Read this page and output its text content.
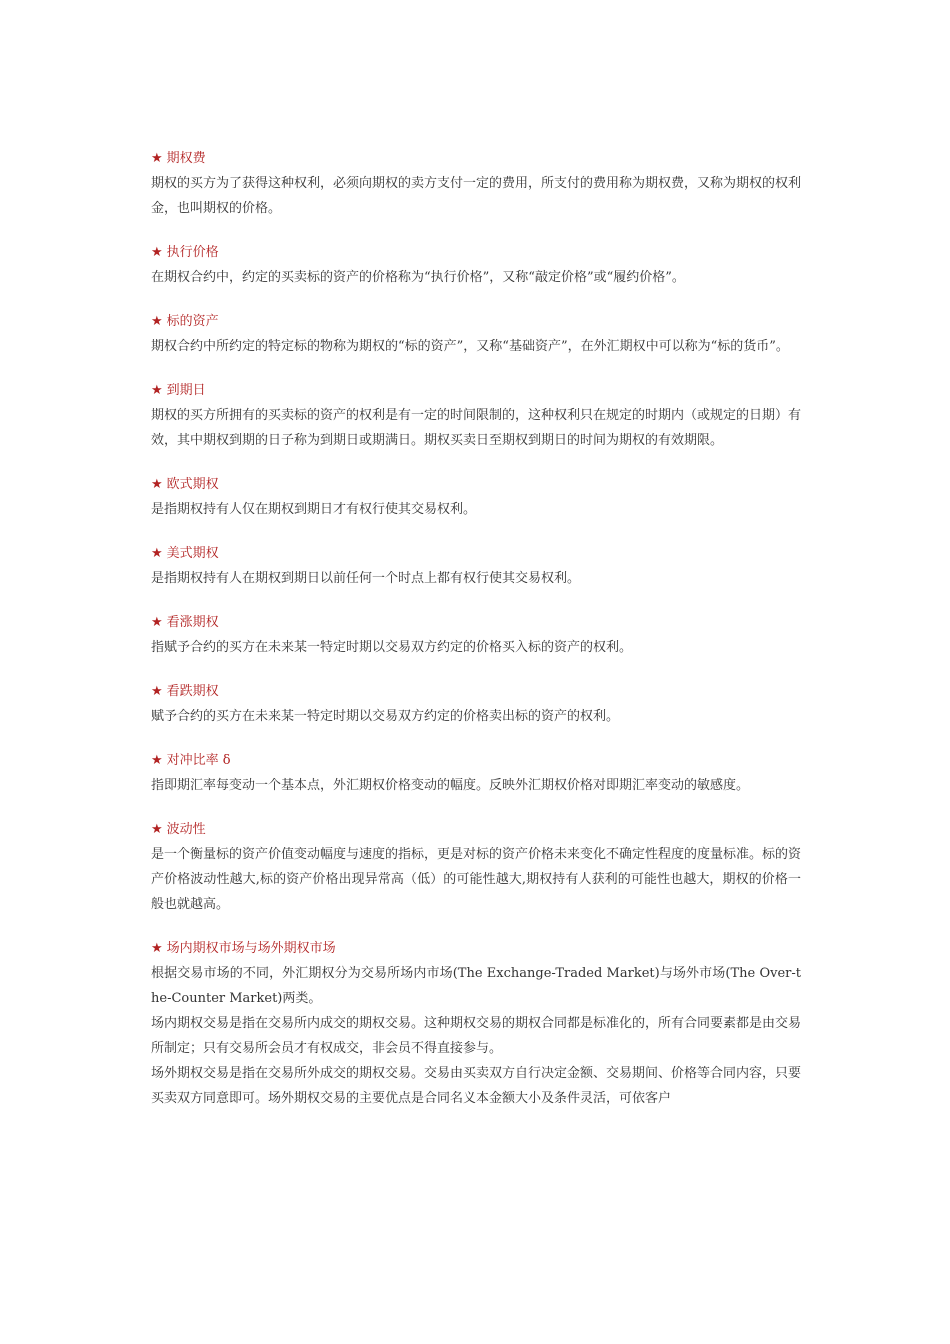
★ 期权费

期权的买方为了获得这种权利，必须向期权的卖方支付一定的费用，所支付的费用称为期权费，又称为期权的权利金，也叫期权的价格。

★ 执行价格

在期权合约中，约定的买卖标的资产的价格称为“执行价格”，又称“敲定价格”或“履约价格”。

★ 标的资产

期权合约中所约定的特定标的物称为期权的“标的资产”，又称“基础资产”，在外汇期权中可以称为“标的货币”。

★ 到期日

期权的买方所拥有的买卖标的资产的权利是有一定的时间限制的，这种权利只在规定的时期内（或规定的日期）有效，其中期权到期的日子称为到期日或期满日。期权买卖日至期权到期日的时间为期权的有效期限。

★ 欧式期权

是指期权持有人仅在期权到期日才有权行使其交易权利。

★ 美式期权

是指期权持有人在期权到期日以前任何一个时点上都有权行使其交易权利。

★ 看涨期权

指赋予合约的买方在未来某一特定时期以交易双方约定的价格买入标的资产的权利。

★ 看跌期权

赋予合约的买方在未来某一特定时期以交易双方约定的价格卖出标的资产的权利。

★ 对冲比率 δ

指即期汇率每变动一个基本点，外汇期权价格变动的幅度。反映外汇期权价格对即期汇率变动的敏感度。

★ 波动性

是一个衡量标的资产价值变动幅度与速度的指标，更是对标的资产价格未来变化不确定性程度的度量标准。标的资产价格波动性越大,标的资产价格出现异常高（低）的可能性越大,期权持有人获利的可能性也越大，期权的价格一般也就越高。

★ 场内期权市场与场外期权市场

根据交易市场的不同，外汇期权分为交易所场内市场(The Exchange-Traded Market)与场外市场(The Over-the-Counter Market)两类。

场内期权交易是指在交易所内成交的期权交易。这种期权交易的期权合同都是标准化的，所有合同要素都是由交易所制定；只有交易所会员才有权成交，非会员不得直接参与。

场外期权交易是指在交易所外成交的期权交易。交易由买卖双方自行决定金额、交易期间、价格等合同内容，只要买卖双方同意即可。场外期权交易的主要优点是合同名义本金额大小及条件灵活，可依客户
